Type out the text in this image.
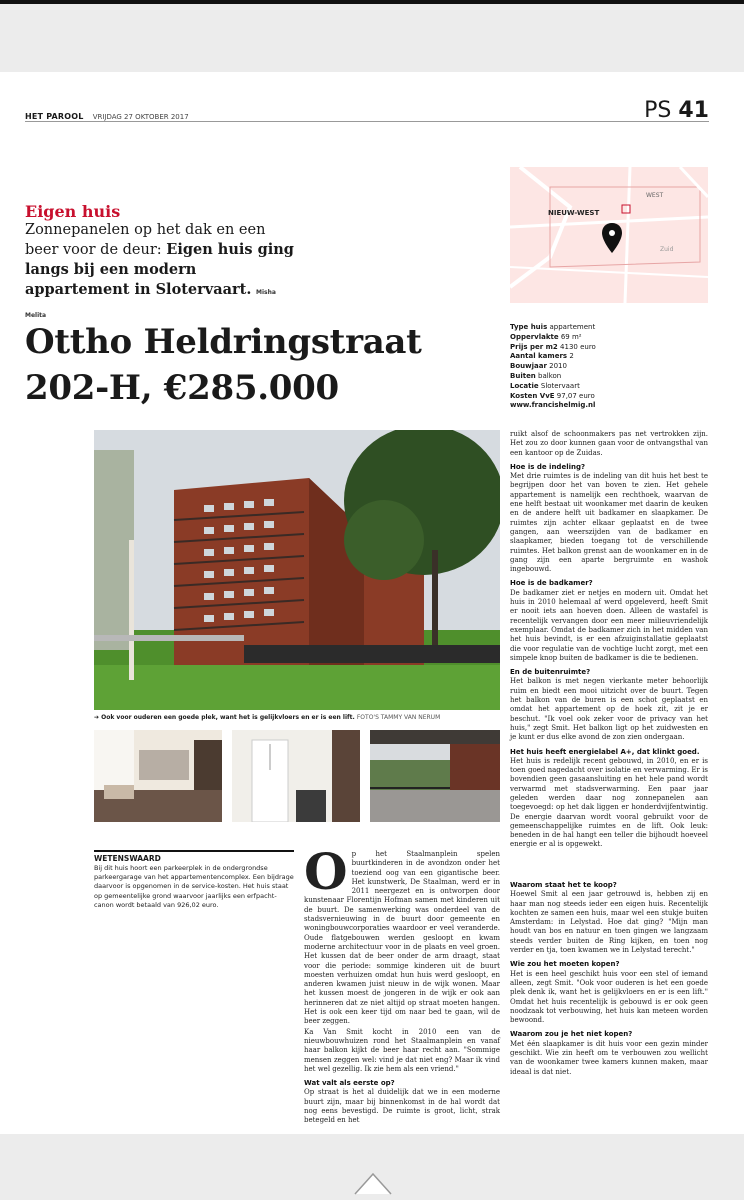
HET PAROOL VRIJDAG 27 OKTOBER 2017	PS 41
NIEUW-WEST
WEST
Zuid
Eigen huis
Zonnepanelen op het dak en een beer voor de deur: Eigen huis ging langs bij een modern appartement in Slotervaart. Misha Melita
Ottho Heldringstraat
202-H, €285.000
Type huis appartement
Oppervlakte 69 m²
Prijs per m2 4130 euro
Aantal kamers 2
Bouwjaar 2010
Buiten balkon
Locatie Slotervaart
Kosten VvE 97,07 euro
www.francishelmig.nl
➔ Ook voor ouderen een goede plek, want het is gelijkvloers en er is een lift. FOTO'S TAMMY VAN NERUM
WETENSWAARD

Bij dit huis hoort een parkeerplek in de ondergrondse parkeergarage van het appartementencomplex. Een bijdrage daarvoor is opgenomen in de service-kosten. Het huis staat op gemeentelijke grond waarvoor jaarlijks een erfpacht-canon wordt betaald van 926,02 euro.

Op het Staalmanplein spelen buurtkinderen in de avondzon onder het toeziend oog van een gigantische beer. Het kunstwerk, De Staalman, werd er in 2011 neergezet en is ontworpen door kunstenaar Florentijn Hofman samen met kinderen uit de buurt. De samenwerking was onderdeel van de stadsvernieuwing in de buurt door gemeente en woningbouwcorporaties waardoor er veel veranderde. Oude flatgebouwen werden gesloopt en kwam moderne architectuur voor in de plaats en veel groen. Het kussen dat de beer onder de arm draagt, staat voor die periode: sommige kinderen uit de buurt moesten verhuizen omdat hun huis werd gesloopt, en anderen kwamen juist nieuw in de wijk wonen. Maar het kussen moest de jongeren in de wijk er ook aan herinneren dat ze niet altijd op straat moeten hangen. Het is ook een keer tijd om naar bed te gaan, wil de beer zeggen.

Ka Van Smit kocht in 2010 een van de nieuwbouwhuizen rond het Staalmanplein en vanaf haar balkon kijkt de beer haar recht aan. "Sommige mensen zeggen wel: vind je dat niet eng? Maar ik vind het wel gezellig. Ik zie hem als een vriend."

Wat valt als eerste op?

Op straat is het al duidelijk dat we in een moderne buurt zijn, maar bij binnenkomst in de hal wordt dat nog eens bevestigd. De ruimte is groot, licht, strak betegeld en het

ruikt alsof de schoonmakers pas net vertrokken zijn. Het zou zo door kunnen gaan voor de ontvangsthal van een kantoor op de Zuidas.

Hoe is de indeling?

Met drie ruimtes is de indeling van dit huis het best te begrijpen door het van boven te zien. Het gehele appartement is namelijk een rechthoek, waarvan de ene helft bestaat uit woonkamer met daarin de keuken en de andere helft uit badkamer en slaapkamer. De ruimtes zijn achter elkaar geplaatst en de twee gangen, aan weerszijden van de badkamer en slaapkamer, bieden toegang tot de verschillende ruimtes. Het balkon grenst aan de woonkamer en in de gang zijn een aparte bergruimte en washok ingebouwd.

Hoe is de badkamer?

De badkamer ziet er netjes en modern uit. Omdat het huis in 2010 helemaal af werd opgeleverd, heeft Smit er nooit iets aan hoeven doen. Alleen de wastafel is recentelijk vervangen door een meer milieuvriendelijk exemplaar. Omdat de badkamer zich in het midden van het huis bevindt, is er een afzuiginstallatie geplaatst die voor regulatie van de vochtige lucht zorgt, met een simpele knop buiten de badkamer is die te bedienen.

En de buitenruimte?

Het balkon is met negen vierkante meter behoorlijk ruim en biedt een mooi uitzicht over de buurt. Tegen het balkon van de buren is een schot geplaatst en omdat het appartement op de hoek zit, zit je er beschut. "Ik voel ook zeker voor de privacy van het huis," zegt Smit. Het balkon ligt op het zuidwesten en je kunt er dus elke avond de zon zien ondergaan.

Het huis heeft energielabel A+, dat klinkt goed.

Het huis is redelijk recent gebouwd, in 2010, en er is toen goed nagedacht over isolatie en verwarming. Er is bovendien geen gasaansluiting en het hele pand wordt verwarmd met stadsverwarming. Een paar jaar geleden werden daar nog zonnepanelen aan toegevoegd: op het dak liggen er honderdvijfentwintig. De energie daarvan wordt vooral gebruikt voor de gemeenschappelijke ruimtes en de lift. Ook leuk: beneden in de hal hangt een teller die bijhoudt hoeveel energie er al is opgewekt.

Waarom staat het te koop?

Hoewel Smit al een jaar getrouwd is, hebben zij en haar man nog steeds ieder een eigen huis. Recentelijk kochten ze samen een huis, maar wel een stukje buiten Amsterdam: in Lelystad. Hoe dat ging? "Mijn man houdt van bos en natuur en toen gingen we langzaam steeds verder buiten de Ring kijken, en toen nog verder en tja, toen kwamen we in Lelystad terecht."

Wie zou het moeten kopen?

Het is een heel geschikt huis voor een stel of iemand alleen, zegt Smit. "Ook voor ouderen is het een goede plek denk ik, want het is gelijkvloers en er is een lift." Omdat het huis recentelijk is gebouwd is er ook geen noodzaak tot verbouwing, het huis kan meteen worden bewoond.

Waarom zou je het niet kopen?

Met één slaapkamer is dit huis voor een gezin minder geschikt. Wie zin heeft om te verbouwen zou wellicht van de woonkamer twee kamers kunnen maken, maar ideaal is dat niet.
